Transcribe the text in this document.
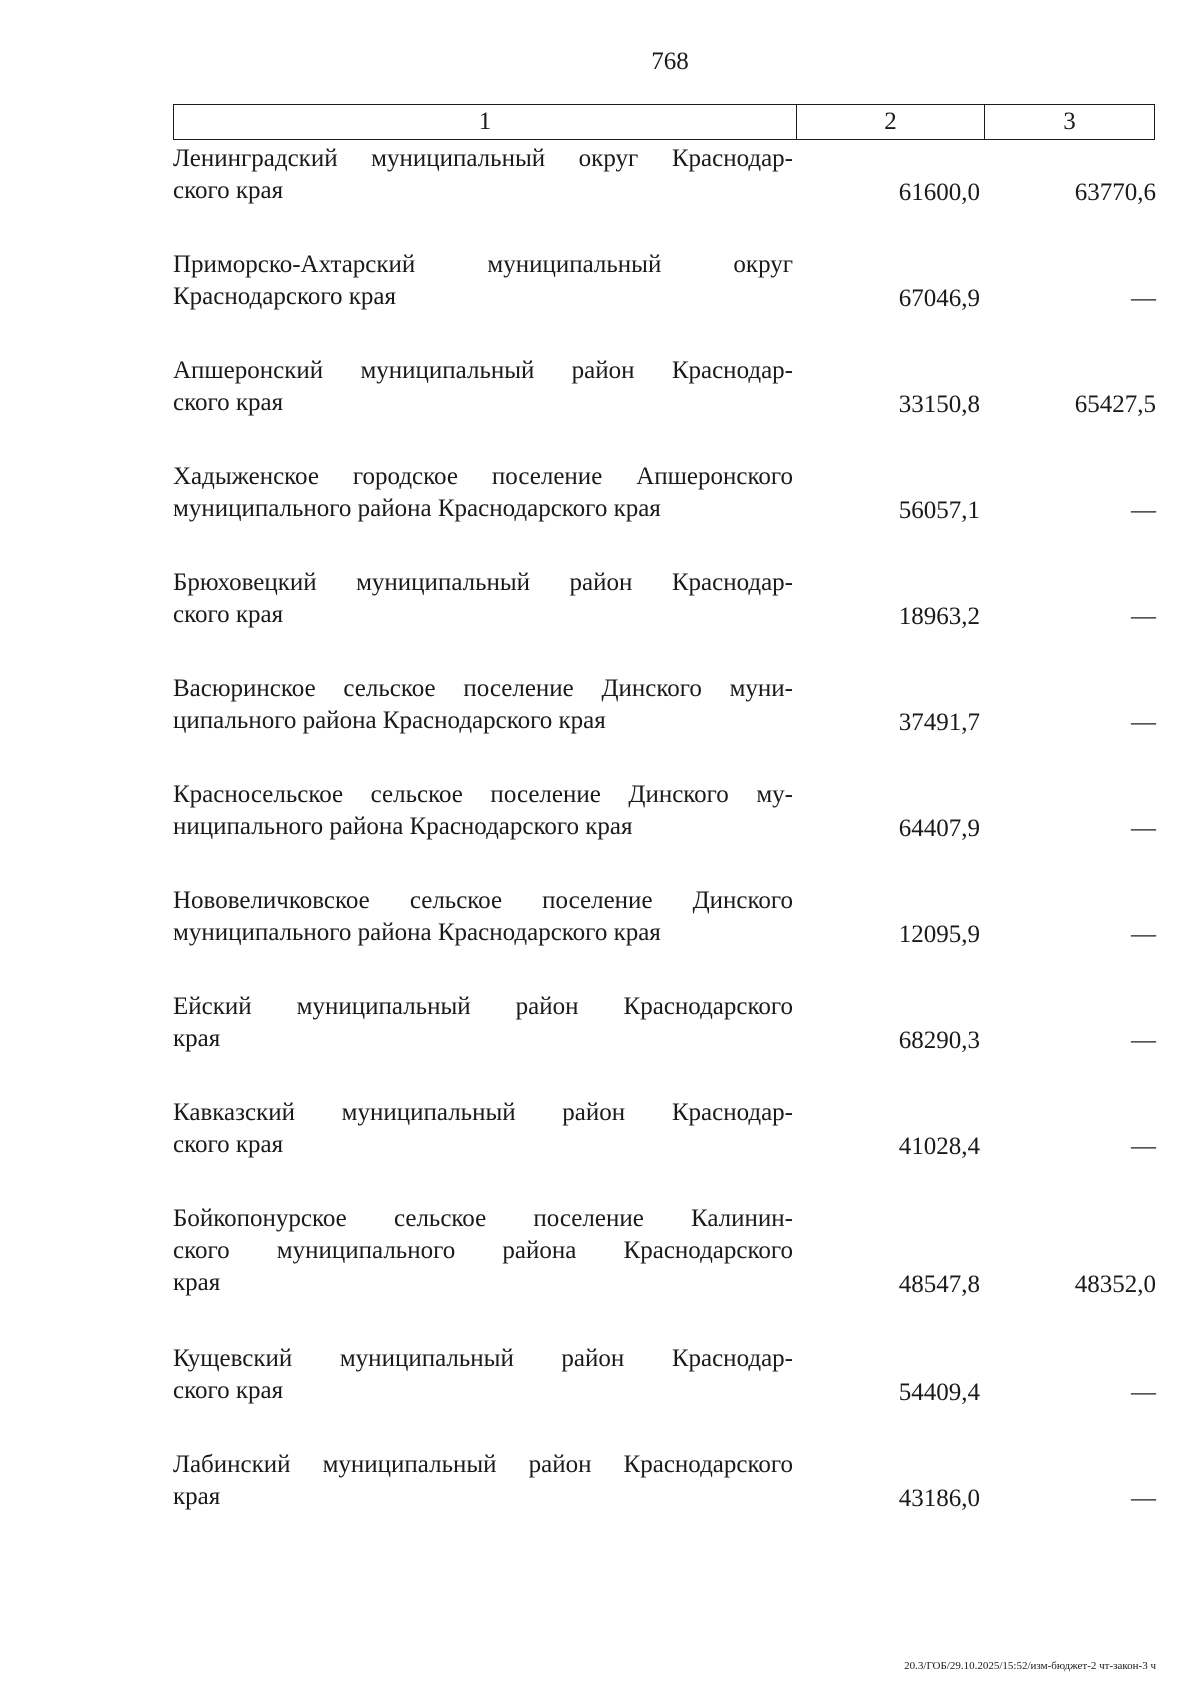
768
1	2	3
Ленинградский муниципальный округ Краснодар-
ского края	61600,0	63770,6
Приморско-Ахтарский муниципальный округ
Краснодарского края	67046,9	—
Апшеронский муниципальный район Краснодар-
ского края	33150,8	65427,5
Хадыженское городское поселение Апшеронского
муниципального района Краснодарского края	56057,1	—
Брюховецкий муниципальный район Краснодар-
ского края	18963,2	—
Васюринское сельское поселение Динского муни-
ципального района Краснодарского края	37491,7	—
Красносельское сельское поселение Динского му-
ниципального района Краснодарского края	64407,9	—
Нововеличковское сельское поселение Динского
муниципального района Краснодарского края	12095,9	—
Ейский муниципальный район Краснодарского
края	68290,3	—
Кавказский муниципальный район Краснодар-
ского края	41028,4	—
Бойкопонурское сельское поселение Калинин-
ского муниципального района Краснодарского
края	48547,8	48352,0
Кущевский муниципальный район Краснодар-
ского края	54409,4	—
Лабинский муниципальный район Краснодарского
края	43186,0	—
20.3/ГОБ/29.10.2025/15:52/изм-бюджет-2 чт-закон-3 ч
